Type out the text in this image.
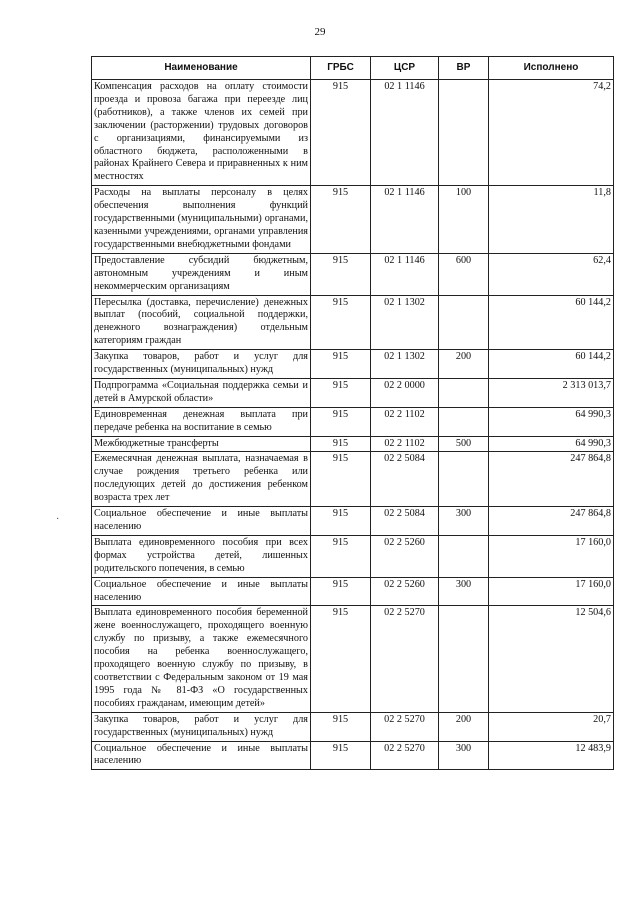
29
·
Наименование	ГРБС	ЦСР	ВР	Исполнено
Компенсация расходов на оплату стоимости проезда и провоза багажа при переезде лиц (работников), а также членов их семей при заключении (расторжении) трудовых договоров с организациями, финансируемыми из областного бюджета, расположенными в районах Крайнего Севера и приравненных к ним местностях	915	02 1 1146		74,2
Расходы на выплаты персоналу в целях обеспечения выполнения функций государственными (муниципальными) органами, казенными учреждениями, органами управления государственными внебюджетными фондами	915	02 1 1146	100	11,8
Предоставление субсидий бюджетным, автономным учреждениям и иным некоммерческим организациям	915	02 1 1146	600	62,4
Пересылка (доставка, перечисление) денежных выплат (пособий, социальной поддержки, денежного вознаграждения) отдельным категориям граждан	915	02 1 1302		60 144,2
Закупка товаров, работ и услуг для государственных (муниципальных) нужд	915	02 1 1302	200	60 144,2
Подпрограмма «Социальная поддержка семьи и детей в Амурской области»	915	02 2 0000		2 313 013,7
Единовременная денежная выплата при передаче ребенка на воспитание в семью	915	02 2 1102		64 990,3
Межбюджетные трансферты	915	02 2 1102	500	64 990,3
Ежемесячная денежная выплата, назначаемая в случае рождения третьего ребенка или последующих детей до достижения ребенком возраста трех лет	915	02 2 5084		247 864,8
Социальное обеспечение и иные выплаты населению	915	02 2 5084	300	247 864,8
Выплата единовременного пособия при всех формах устройства детей, лишенных родительского попечения, в семью	915	02 2 5260		17 160,0
Социальное обеспечение и иные выплаты населению	915	02 2 5260	300	17 160,0
Выплата единовременного пособия беременной жене военнослужащего, проходящего военную службу по призыву, а также ежемесячного пособия на ребенка военнослужащего, проходящего военную службу по призыву, в соответствии с Федеральным законом от 19 мая 1995 года № 81-ФЗ «О государственных пособиях гражданам, имеющим детей»	915	02 2 5270		12 504,6
Закупка товаров, работ и услуг для государственных (муниципальных) нужд	915	02 2 5270	200	20,7
Социальное обеспечение и иные выплаты населению	915	02 2 5270	300	12 483,9
